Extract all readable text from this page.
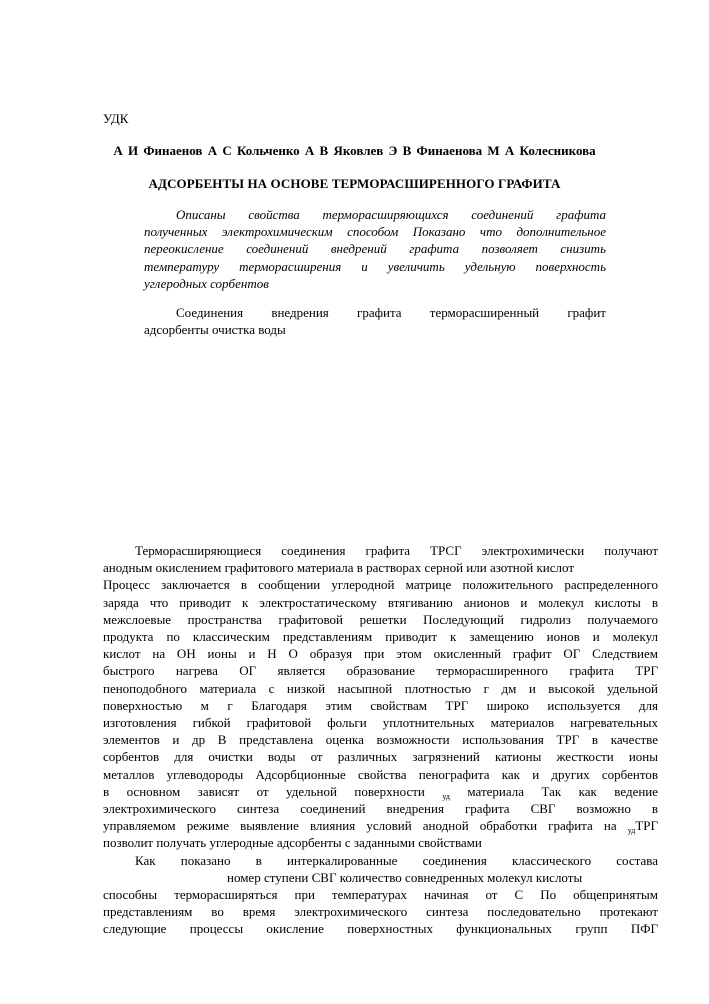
УДК
А И Финаенов А С Кольченко А В Яковлев Э В Финаенова М А Колесникова
АДСОРБЕНТЫ НА ОСНОВЕ ТЕРМОРАСШИРЕННОГО ГРАФИТА
Описаны свойства терморасширяющихся соединений графита
полученных электрохимическим способом Показано что дополнительное
переокисление соединений внедрений графита позволяет снизить
температуру терморасширения и увеличить удельную поверхность
углеродных сорбентов
Соединения внедрения графита терморасширенный графит
адсорбенты очистка воды
Терморасширяющиеся соединения графита ТРСГ электрохимически получают
анодным окислением графитового материала в растворах серной или азотной кислот
Процесс заключается в сообщении углеродной матрице положительного распределенного
заряда что приводит к электростатическому втягиванию анионов и молекул кислоты в
межслоевые пространства графитовой решетки Последующий гидролиз получаемого
продукта по классическим представлениям приводит к замещению ионов и молекул
кислот на ОН ионы и Н О образуя при этом окисленный графит ОГ Следствием
быстрого нагрева ОГ является образование терморасширенного графита ТРГ
пеноподобного материала с низкой насыпной плотностью г дм и высокой удельной
поверхностью м г Благодаря этим свойствам ТРГ широко используется для
изготовления гибкой графитовой фольги уплотнительных материалов нагревательных
элементов и др В представлена оценка возможности использования ТРГ в качестве
сорбентов для очистки воды от различных загрязнений катионы жесткости ионы
металлов углеводороды Адсорбционные свойства пенографита как и других сорбентов
в основном зависят от удельной поверхности $_{уд}$ материала Так как ведение
электрохимического синтеза соединений внедрения графита СВГ возможно в
управляемом режиме выявление влияния условий анодной обработки графита на $_{уд}$ТРГ
позволит получать углеродные адсорбенты с заданными свойствами
Как показано в интеркалированные соединения классического состава
номер ступени СВГ количество совнедренных молекул кислоты
способны терморасширяться при температурах начиная от С По общепринятым
представлениям во время электрохимического синтеза последовательно протекают
следующие процессы окисление поверхностных функциональных групп ПФГ
